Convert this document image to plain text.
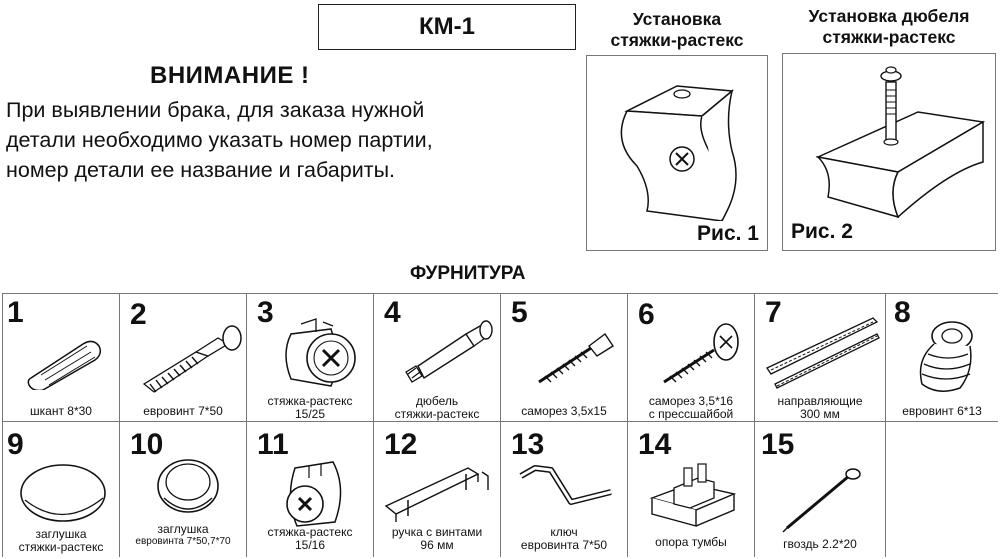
КМ-1
ВНИМАНИЕ !
При выявлении брака, для заказа нужной
детали необходимо указать номер партии,
номер детали ее название и габариты.
Установка
стяжки-растекс
Рис. 1
Установка дюбеля
стяжки-растекс
Рис. 2
ФУРНИТУРА
1
шкант 8*30
2
евровинт 7*50
3
стяжка-растекс
15/25
4
дюбель
стяжки-растекс
5
саморез 3,5х15
6
саморез 3,5*16
с прессшайбой
7
направляющие
300 мм
8
евровинт 6*13
9
заглушка
стяжки-растекс
10
заглушка
евровинта 7*50,7*70
11
стяжка-растекс
15/16
12
ручка с винтами
96 мм
13
ключ
евровинта 7*50
14
опора тумбы
15
гвоздь 2.2*20
